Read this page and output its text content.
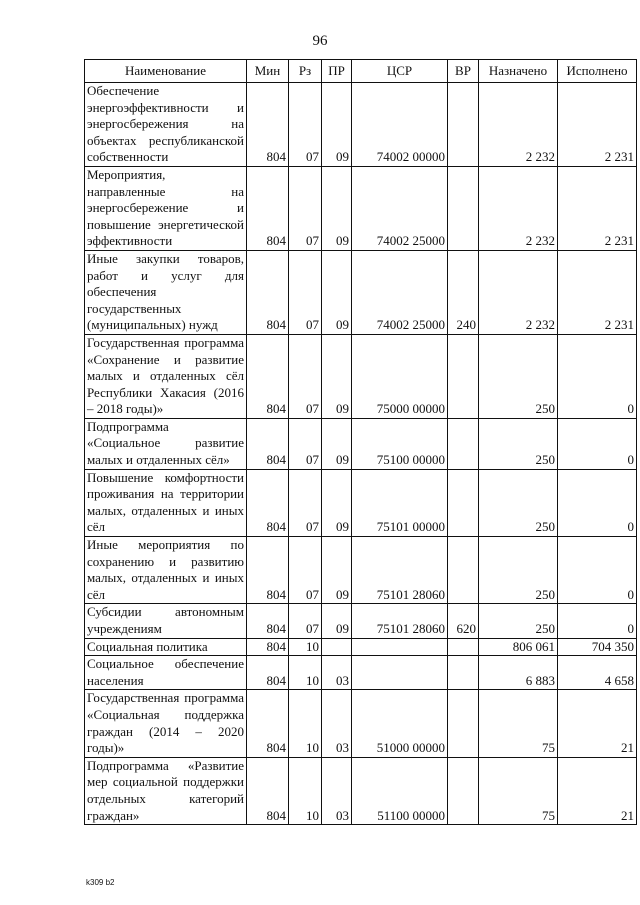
96
Наименование	Мин	Рз	ПР	ЦСР	ВР	Назначено	Исполнено
Обеспечение энергоэффективности и энергосбережения на объектах республиканской собственности	804	07	09	74002 00000		2 232	2 231
Мероприятия, направленные на энергосбережение и повышение энергетической эффективности	804	07	09	74002 25000		2 232	2 231
Иные закупки товаров, работ и услуг для обеспечения государственных (муниципальных) нужд	804	07	09	74002 25000	240	2 232	2 231
Государственная программа «Сохранение и развитие малых и отдаленных сёл Республики Хакасия (2016 – 2018 годы)»	804	07	09	75000 00000		250	0
Подпрограмма «Социальное развитие малых и отдаленных сёл»	804	07	09	75100 00000		250	0
Повышение комфортности проживания на территории малых, отдаленных и иных сёл	804	07	09	75101 00000		250	0
Иные мероприятия по сохранению и развитию малых, отдаленных и иных сёл	804	07	09	75101 28060		250	0
Субсидии автономным учреждениям	804	07	09	75101 28060	620	250	0
Социальная политика	804	10				806 061	704 350
Социальное обеспечение населения	804	10	03			6 883	4 658
Государственная программа «Социальная поддержка граждан (2014 – 2020 годы)»	804	10	03	51000 00000		75	21
Подпрограмма «Развитие мер социальной поддержки отдельных категорий граждан»	804	10	03	51100 00000		75	21
k309 b2
